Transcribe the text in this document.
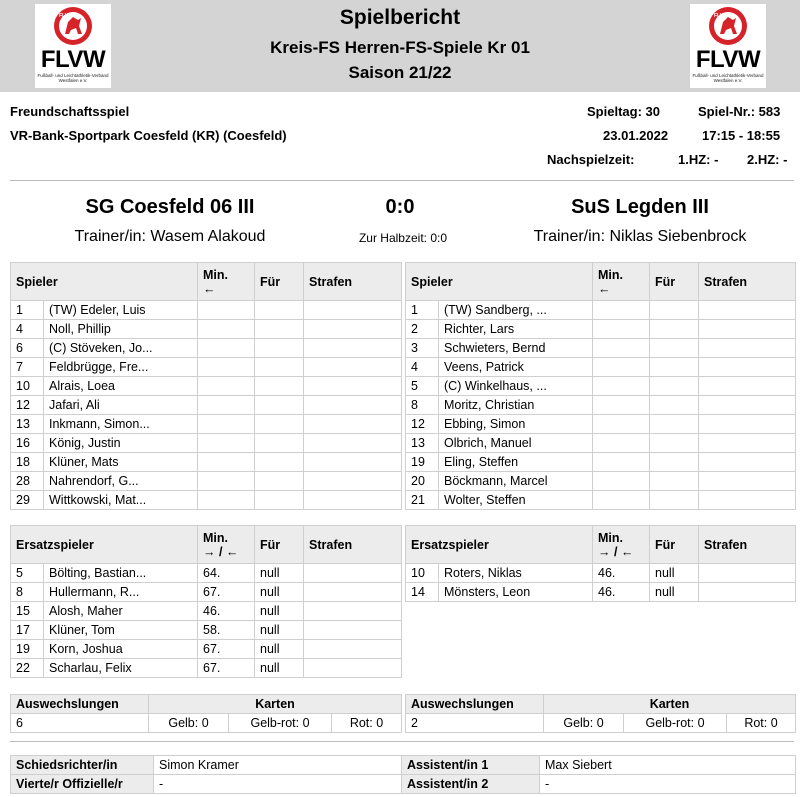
FLVW
FLVW
Fußball- und Leichtathletik-Verband Westfalen e.V.
Spielbericht
Kreis-FS Herren-FS-Spiele Kr 01
Saison 21/22
FLVW
FLVW
Fußball- und Leichtathletik-Verband Westfalen e.V.
Freundschaftsspiel
VR-Bank-Sportpark Coesfeld (KR) (Coesfeld)
Spieltag: 30	Spiel-Nr.: 583
23.01.2022	17:15 - 18:55
Nachspielzeit:	1.HZ: - 2.HZ: -
SG Coesfeld 06 III	0:0	SuS Legden III
Trainer/in: Wasem Alakoud	Zur Halbzeit: 0:0	Trainer/in: Niklas Siebenbrock
Spieler		Min.
←	Für	Strafen
1	(TW) Edeler, Luis			
4	Noll, Phillip			
6	(C) Stöveken, Jo...			
7	Feldbrügge, Fre...			
10	Alrais, Loea			
12	Jafari, Ali			
13	Inkmann, Simon...			
16	König, Justin			
18	Klüner, Mats			
28	Nahrendorf, G...			
29	Wittkowski, Mat...			
Spieler		Min.
←	Für	Strafen
1	(TW) Sandberg, ...			
2	Richter, Lars			
3	Schwieters, Bernd			
4	Veens, Patrick			
5	(C) Winkelhaus, ...			
8	Moritz, Christian			
12	Ebbing, Simon			
13	Olbrich, Manuel			
19	Eling, Steffen			
20	Böckmann, Marcel			
21	Wolter, Steffen			
Ersatzspieler		Min.
→ / ←	Für	Strafen
5	Bölting, Bastian...	64.	null	
8	Hullermann, R...	67.	null	
15	Alosh, Maher	46.	null	
17	Klüner, Tom	58.	null	
19	Korn, Joshua	67.	null	
22	Scharlau, Felix	67.	null	
Ersatzspieler		Min.
→ / ←	Für	Strafen
10	Roters, Niklas	46.	null	
14	Mönsters, Leon	46.	null	
Auswechslungen	Karten		
6	Gelb: 0	Gelb-rot: 0	Rot: 0
Auswechslungen	Karten		
2	Gelb: 0	Gelb-rot: 0	Rot: 0
Schiedsrichter/in	Simon Kramer	Assistent/in 1	Max Siebert
Vierte/r Offizielle/r	-	Assistent/in 2	-
